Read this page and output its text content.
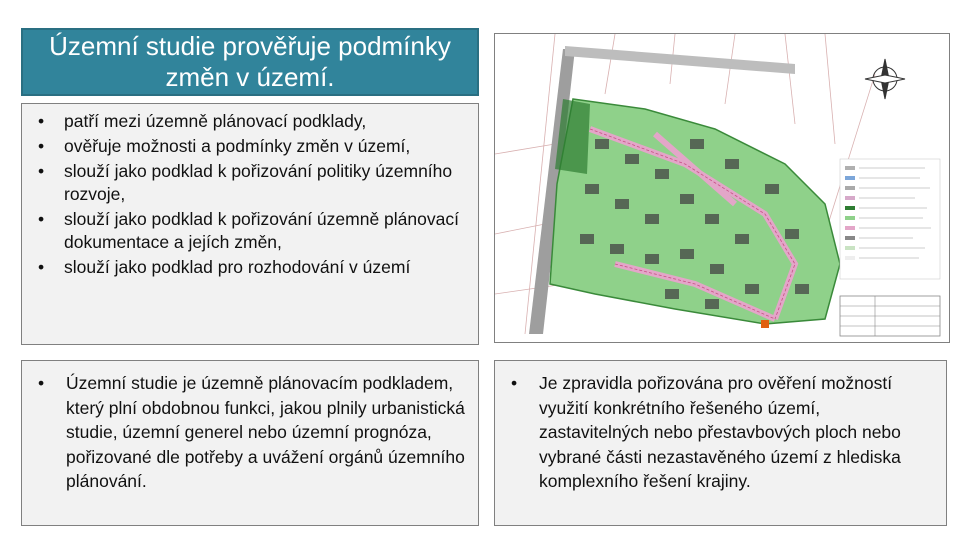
Územní studie prověřuje podmínky
změn v území.
• patří mezi územně plánovací podklady,
• ověřuje možnosti a podmínky změn v území,
• slouží jako podklad k pořizování politiky územního rozvoje,
• slouží jako podklad k pořizování územně plánovací dokumentace a jejích změn,
• slouží jako podklad pro rozhodování v území
• Územní studie je územně plánovacím podkladem, který plní obdobnou funkci, jakou plnily urbanistická studie, územní generel nebo územní prognóza, pořizované dle potřeby a uvážení orgánů územního plánování.
• Je zpravidla pořizována pro ověření možností využití konkrétního řešeného území, zastavitelných nebo přestavbových ploch nebo vybrané části nezastavěného území z hlediska komplexního řešení krajiny.
